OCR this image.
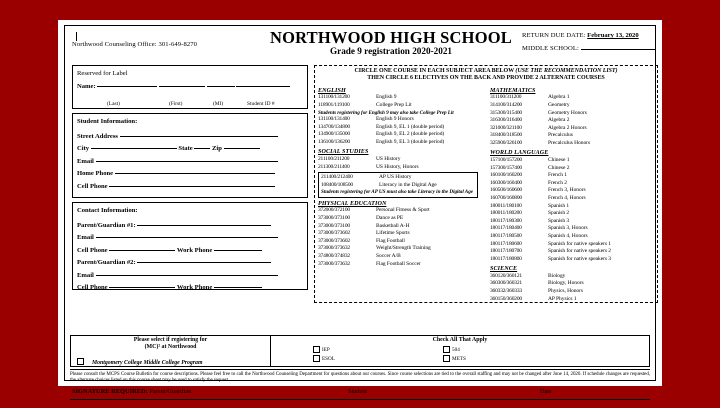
Northwood Counseling Office: 301-649-8270	NORTHWOOD HIGH SCHOOL
Grade 9 registration 2020-2021
RETURN DUE DATE: February 13, 2020
MIDDLE SCHOOL:
Reserved for Label
Name:
(Last)	(First)	(MI)	Student ID #
Student Information:
Street Address
City	State	Zip
Email
Home Phone
Cell Phone
Contact Information:
Parent/Guardian #1:
Email
Cell Phone	Work Phone
Parent/Guardian #2:
Email
Cell Phone	Work Phone
CIRCLE ONE COURSE IN EACH SUBJECT AREA BELOW (USE THE RECOMMENDATION LIST)
THEN CIRCLE 6 ELECTIVES ON THE BACK AND PROVIDE 2 ALTERNATE COURSES
ENGLISH
131100/131200	English 9
118901/119100	College Prep Lit
Students registering for English 9 may also take College Prep Lit
131100/131400	English 9 Honors
134700/134800	English 9, EL 1 (double period)
134900/135000	English 9, EL 2 (double period)
136100/136200	English 9, EL 3 (double period)
SOCIAL STUDIES
211100/211200	US History
211300/211400	US History, Honors
211400/212400	AP US History
108400/108500	Literacy in the Digital Age
Students registering for AP US must also take Literacy in the Digital Age
PHYSICAL EDUCATION
372000/372100	Personal Fitness & Sport
373000/373100	Dance as PE
373000/373100	Basketball A-H
373000/373602	Lifetime Sports
373000/373602	Flag Football
373000/373632	Weight/Strength Training
374800/374832	Soccer A/B
373000/373632	Flag Football Soccer
MATHEMATICS
311100/311200	Algebra 1
314100/314200	Geometry
315300/315400	Geometry Honors
316300/316400	Algebra 2
321000/321100	Algebra 2 Honors
318400/318500	Precalculus
325900/326100	Precalculus Honors
WORLD LANGUAGE
157100/157200	Chinese 1
157300/157400	Chinese 2
160100/160200	French 1
160300/160400	French 2
160500/160600	French 3, Honors
160700/160800	French 4, Honors
180011/180100	Spanish 1
180011/180200	Spanish 2
180117/180300	Spanish 3
180117/180400	Spanish 3, Honors
180117/180500	Spanish 4, Honors
180117/180600	Spanish for native speakers 1
180117/180700	Spanish for native speakers 2
180117/180800	Spanish for native speakers 3
SCIENCE
360120/360121	Biology
360300/360321	Biology, Honors
360332/360333	Physics, Honors
360150/360200	AP Physics 1
Please select if registering for
(MC)² at Northwood
Montgomery College Middle College Program
Check All That Apply
IEP
ESOL
504
METS
Please consult the MCPS Course Bulletin for course descriptions. Please feel free to call the Northwood Counseling Department for questions about our courses. Since course selections are tied to the overall staffing and may not be changed after June 14, 2020. If schedule changes are requested, the alternate choices listed on this course sheet may be used to satisfy the request.
SIGNATURE REQUIRED: Parent/Guardian	Student	Date
